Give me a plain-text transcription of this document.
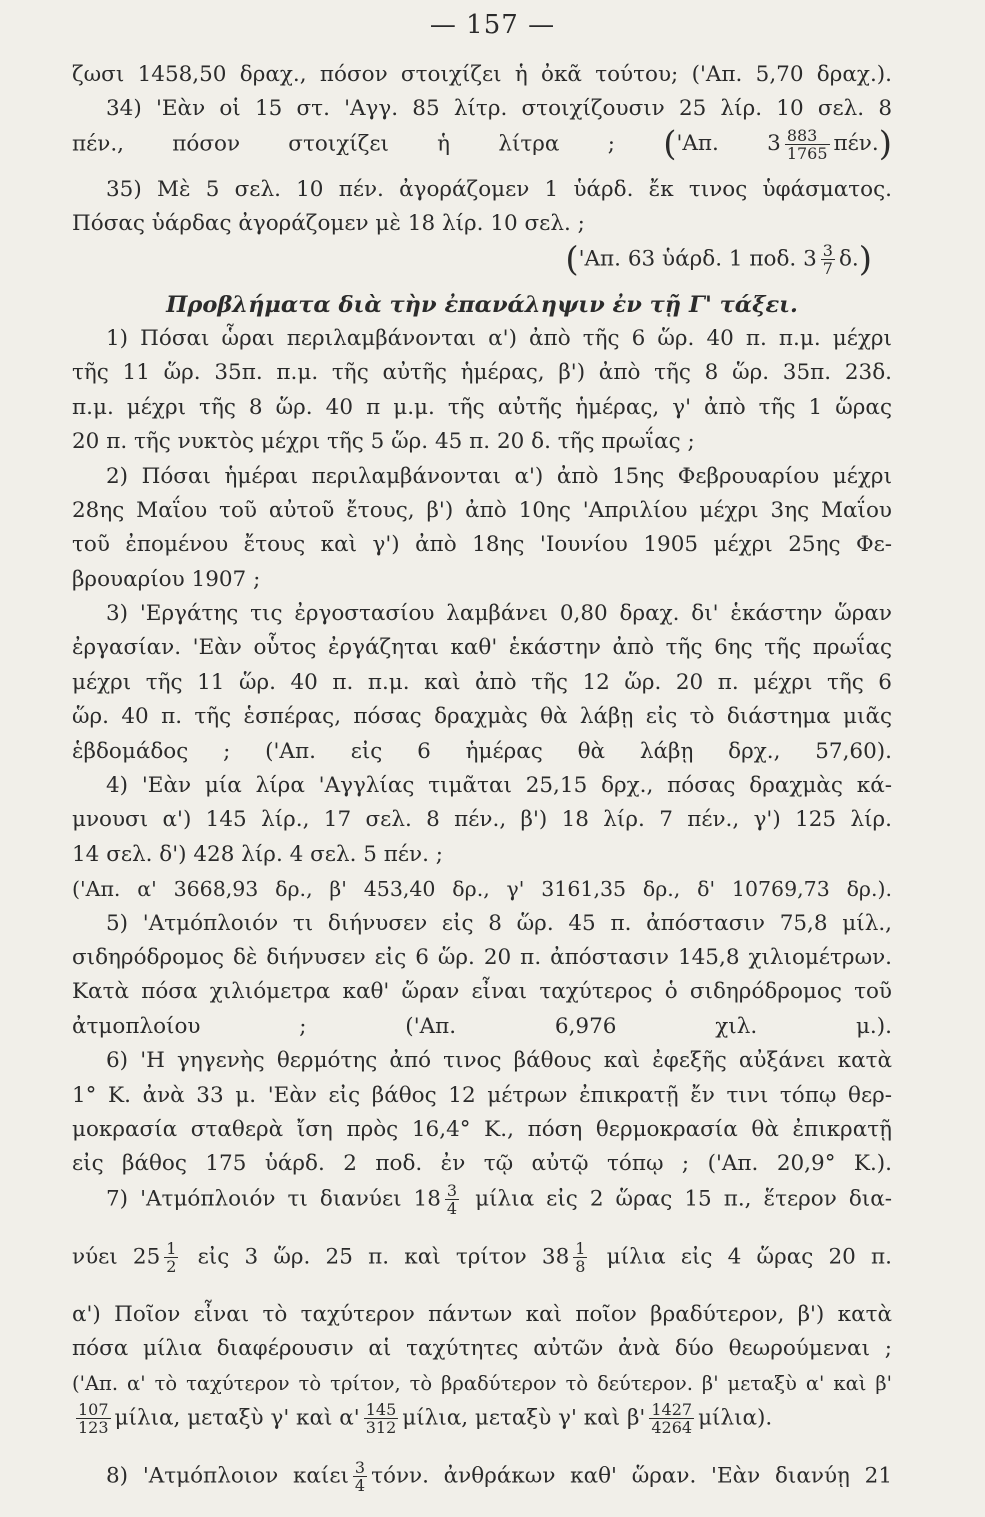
— 157 —
ζωσι 1458,50 δραχ., πόσον στοιχίζει ἡ ὀκᾶ τούτου; ('Απ. 5,70 δραχ.).
34) 'Εὰν οἱ 15 στ. 'Αγγ. 85 λίτρ. στοιχίζουσιν 25 λίρ. 10 σελ. 8
πέν., πόσον στοιχίζει ἡ λίτρα ; ('Απ. $3 \frac{883}{1765} \pi έ\nu$.)
35) Μὲ 5 σελ. 10 πέν. ἀγοράζομεν 1 ὑάρδ. ἔκ τινος ὑφάσματος.
Πόσας ὑάρδας ἀγοράζομεν μὲ 18 λίρ. 10 σελ. ;
('Απ. 63 ὑάρδ. 1 ποδ. $3 \frac{3}{7} \delta$.)
Προβλήματα διὰ τὴν ἐπανάληψιν ἐν τῇ Γ' τάξει.
1) Πόσαι ὧραι περιλαμβάνονται α') ἀπὸ τῆς 6 ὥρ. 40 π. π.μ. μέχρι
τῆς 11 ὥρ. 35π. π.μ. τῆς αὐτῆς ἡμέρας, β') ἀπὸ τῆς 8 ὥρ. 35π. 23δ.
π.μ. μέχρι τῆς 8 ὥρ. 40 π μ.μ. τῆς αὐτῆς ἡμέρας, γ' ἀπὸ τῆς 1 ὥρας
20 π. τῆς νυκτὸς μέχρι τῆς 5 ὥρ. 45 π. 20 δ. τῆς πρωΐας ;
2) Πόσαι ἡμέραι περιλαμβάνονται α') ἀπὸ 15ης Φεβρουαρίου μέχρι
28ης Μαΐου τοῦ αὐτοῦ ἔτους, β') ἀπὸ 10ης 'Απριλίου μέχρι 3ης Μαΐου
τοῦ ἐπομένου ἔτους καὶ γ') ἀπὸ 18ης 'Ιουνίου 1905 μέχρι 25ης Φε-
βρουαρίου 1907 ;
3) 'Εργάτης τις ἐργοστασίου λαμβάνει 0,80 δραχ. δι' ἑκάστην ὥραν
ἐργασίαν. 'Εὰν οὗτος ἐργάζηται καθ' ἑκάστην ἀπὸ τῆς 6ης τῆς πρωΐας
μέχρι τῆς 11 ὥρ. 40 π. π.μ. καὶ ἀπὸ τῆς 12 ὥρ. 20 π. μέχρι τῆς 6
ὥρ. 40 π. τῆς ἑσπέρας, πόσας δραχμὰς θὰ λάβῃ εἰς τὸ διάστημα μιᾶς
ἑβδομάδος ; ('Απ. εἰς 6 ἡμέρας θὰ λάβῃ δρχ., 57,60).
4) 'Εὰν μία λίρα 'Αγγλίας τιμᾶται 25,15 δρχ., πόσας δραχμὰς κά-
μνουσι α') 145 λίρ., 17 σελ. 8 πέν., β') 18 λίρ. 7 πέν., γ') 125 λίρ.
14 σελ. δ') 428 λίρ. 4 σελ. 5 πέν. ;
('Απ. α' 3668,93 δρ., β' 453,40 δρ., γ' 3161,35 δρ., δ' 10769,73 δρ.).
5) 'Ατμόπλοιόν τι διήνυσεν εἰς 8 ὥρ. 45 π. ἀπόστασιν 75,8 μίλ.,
σιδηρόδρομος δὲ διήνυσεν εἰς 6 ὥρ. 20 π. ἀπόστασιν 145,8 χιλιομέτρων.
Κατὰ πόσα χιλιόμετρα καθ' ὥραν εἶναι ταχύτερος ὁ σιδηρόδρομος τοῦ
ἀτμοπλοίου ; ('Απ. 6,976 χιλ. μ.).
6) 'Η γηγενὴς θερμότης ἀπό τινος βάθους καὶ ἐφεξῆς αὐξάνει κατὰ
1° Κ. ἀνὰ 33 μ. 'Εὰν εἰς βάθος 12 μέτρων ἐπικρατῇ ἔν τινι τόπῳ θερ-
μοκρασία σταθερὰ ἴση πρὸς 16,4° Κ., πόση θερμοκρασία θὰ ἐπικρατῇ
εἰς βάθος 175 ὑάρδ. 2 ποδ. ἐν τῷ αὐτῷ τόπῳ ; ('Απ. 20,9° Κ.).
7) 'Ατμόπλοιόν τι διανύει $18 \frac{3}{4}$ μίλια εἰς 2 ὥρας 15 π., ἕτερον δια-
νύει $25 \frac{1}{2}$ εἰς 3 ὥρ. 25 π. καὶ τρίτον $38 \frac{1}{8}$ μίλια εἰς 4 ὥρας 20 π.
α') Ποῖον εἶναι τὸ ταχύτερον πάντων καὶ ποῖον βραδύτερον, β') κατὰ
πόσα μίλια διαφέρουσιν αἱ ταχύτητες αὐτῶν ἀνὰ δύο θεωρούμεναι ;
('Απ. α' τὸ ταχύτερον τὸ τρίτον, τὸ βραδύτερον τὸ δεύτερον. β' μεταξὺ α' καὶ β'
$\frac{107}{123} \mu ί\lambda\iota\alpha$, μεταξὺ γ' καὶ $\alpha' \frac{145}{312} \mu ί\lambda\iota\alpha$, μεταξὺ γ' καὶ $\beta' \frac{1427}{4264} \mu ί\lambda\iota\alpha$).
8) 'Ατμόπλοιον καίει $\frac{3}{4} \tau ό\nu\nu$. ἀνθράκων καθ' ὥραν. 'Εὰν διανύῃ 21
